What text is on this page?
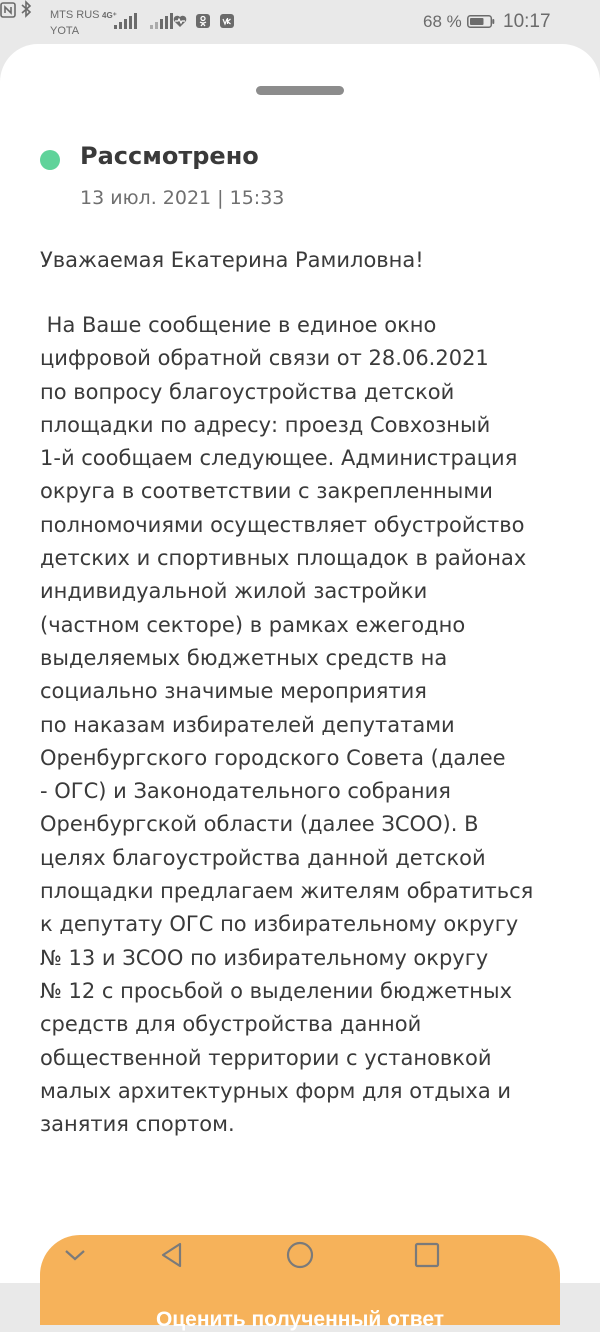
MTS RUS
YOTA
4G⁺
	68 % 10:17
Рассмотрено
13 июл. 2021 | 15:33
Уважаемая Екатерина Рамиловна!
На Ваше сообщение в единое окно
цифровой обратной связи от 28.06.2021
по вопросу благоустройства детской
площадки по адресу: проезд Совхозный
1-й сообщаем следующее. Администрация
округа в соответствии с закрепленными
полномочиями осуществляет обустройство
детских и спортивных площадок в районах
индивидуальной жилой застройки
(частном секторе) в рамках ежегодно
выделяемых бюджетных средств на
социально значимые мероприятия
по наказам избирателей депутатами
Оренбургского городского Совета (далее
- ОГС) и Законодательного собрания
Оренбургской области (далее ЗСОО). В
целях благоустройства данной детской
площадки предлагаем жителям обратиться
к депутату ОГС по избирательному округу
№ 13 и ЗСОО по избирательному округу
№ 12 с просьбой о выделении бюджетных
средств для обустройства данной
общественной территории с установкой
малых архитектурных форм для отдыха и
занятия спортом.
Оценить полученный ответ
